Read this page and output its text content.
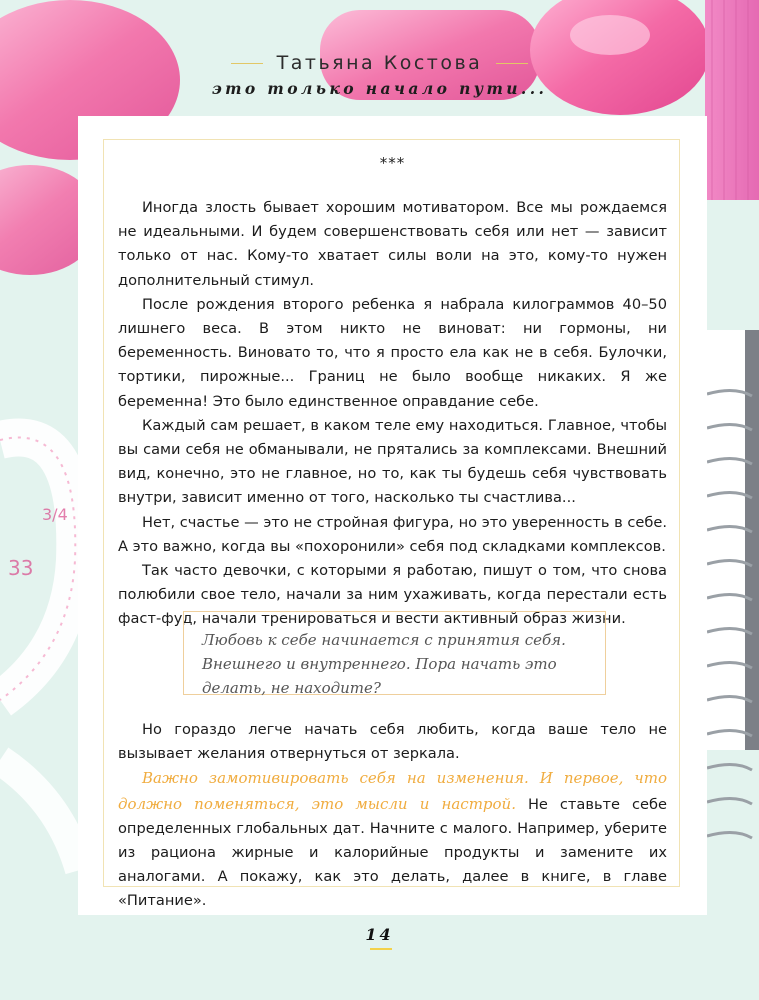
33
3/4
Татьяна Костова
это только начало пути...
***

Иногда злость бывает хорошим мотиватором. Все мы рождаемся не идеальными. И будем совершенствовать себя или нет — зависит только от нас. Кому-то хватает силы воли на это, кому-то нужен дополнительный стимул.

После рождения второго ребенка я набрала килограммов 40–50 лишнего веса. В этом никто не виноват: ни гормоны, ни беременность. Виновато то, что я просто ела как не в себя. Булочки, тортики, пирожные... Границ не было вообще никаких. Я же беременна! Это было единственное оправдание себе.

Каждый сам решает, в каком теле ему находиться. Главное, чтобы вы сами себя не обманывали, не прятались за комплексами. Внешний вид, конечно, это не главное, но то, как ты будешь себя чувствовать внутри, зависит именно от того, насколько ты счастлива...

Нет, счастье — это не стройная фигура, но это уверенность в себе. А это важно, когда вы «похоронили» себя под складками комплексов.

Так часто девочки, с которыми я работаю, пишут о том, что снова полюбили свое тело, начали за ним ухаживать, когда перестали есть фаст-фуд, начали тренироваться и вести активный образ жизни.

Любовь к себе начинается с принятия себя. Внешнего и внутреннего. Пора начать это делать, не находите?

Но гораздо легче начать себя любить, когда ваше тело не вызывает желания отвернуться от зеркала.

Важно замотивировать себя на изменения. И первое, что должно поменяться, это мысли и настрой. Не ставьте себе определенных глобальных дат. Начните с малого. Например, уберите из рациона жирные и калорийные продукты и замените их аналогами. А покажу, как это делать, далее в книге, в главе «Питание».

14
